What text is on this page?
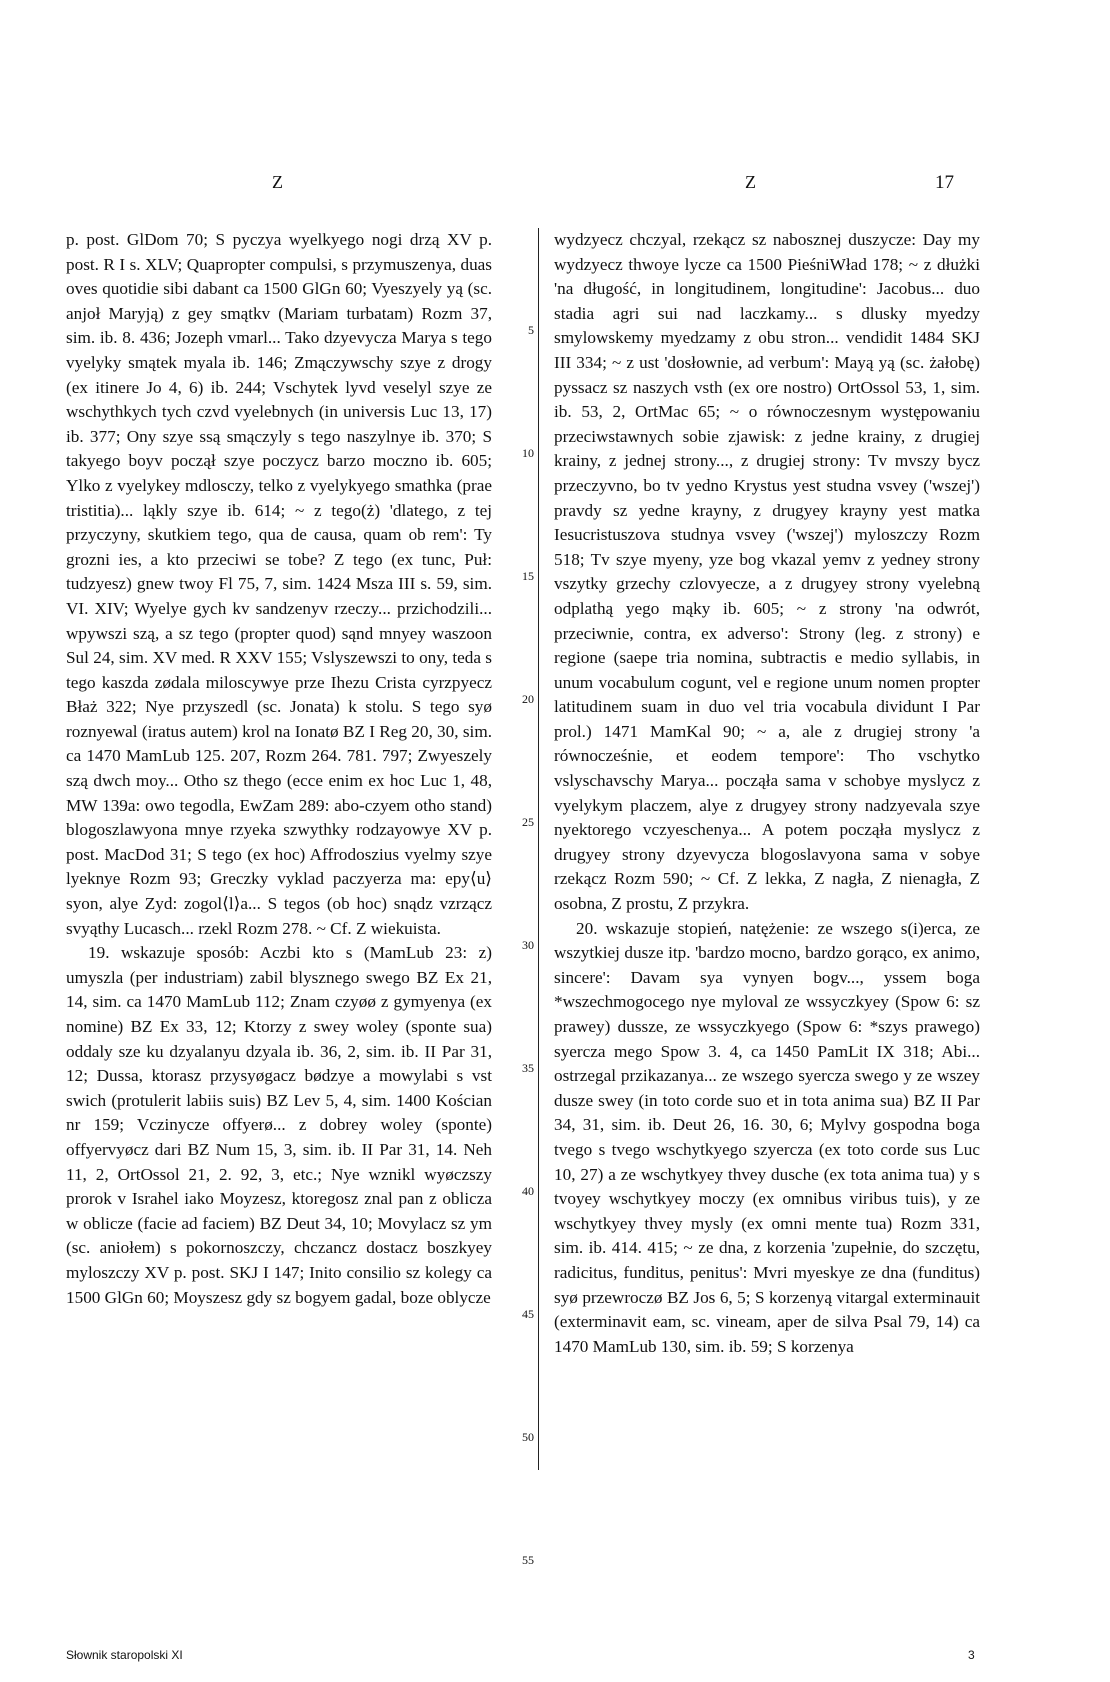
Z	Z	17

p. post. GlDom 70; S pyczya wyelkyego nogi drzą XV p. post. R I s. XLV; Quapropter compulsi, s przymuszenya, duas oves quotidie sibi dabant ca 1500 GlGn 60; Vyeszyely yą (sc. anjoł Maryją) z gey smątkv (Mariam turbatam) Rozm 37, sim. ib. 8. 436; Jozeph vmarl... Tako dzyevycza Marya s tego vyelyky smątek myala ib. 146; Zmączywschy szye z drogy (ex itinere Jo 4, 6) ib. 244; Vschytek lyvd veselyl szye ze wschythkych tych czvd vyelebnych (in universis Luc 13, 17) ib. 377; Ony szye ssą smączyly s tego naszylnye ib. 370; S takyego boyv począł szye poczycz barzo moczno ib. 605; Ylko z vyelykey mdlosczy, telko z vyelykyego smathka (prae tristitia)... ląkly szye ib. 614; ~ z tego(ż) 'dlatego, z tej przyczyny, skutkiem tego, qua de causa, quam ob rem': Ty grozni ies, a kto przeciwi se tobe? Z tego (ex tunc, Puł: tudzyesz) gnew twoy Fl 75, 7, sim. 1424 Msza III s. 59, sim. VI. XIV; Wyelye gych kv sandzenyv rzeczy... przichodzili... wpywszi szą, a sz tego (propter quod) sąnd mnyey waszoon Sul 24, sim. XV med. R XXV 155; Vslyszewszi to ony, teda s tego kaszda zødala miloscywye prze Ihezu Crista cyrzpyecz Błaż 322; Nye przyszedl (sc. Jonata) k stolu. S tego syø roznyewal (iratus autem) krol na Ionatø BZ I Reg 20, 30, sim. ca 1470 MamLub 125. 207, Rozm 264. 781. 797; Zwyeszely szą dwch moy... Otho sz thego (ecce enim ex hoc Luc 1, 48, MW 139a: owo tegodla, EwZam 289: abo-czyem otho stand) blogoszlawyona mnye rzyeka szwythky rodzayowye XV p. post. MacDod 31; S tego (ex hoc) Affrodoszius vyelmy szye lyeknye Rozm 93; Greczky vyklad paczyerza ma: epy⟨u⟩syon, alye Zyd: zogol⟨l⟩a... S tegos (ob hoc) snądz vzrzącz svyąthy Lucasch... rzekl Rozm 278. ~ Cf. Z wiekuista.

19. wskazuje sposób: Aczbi kto s (MamLub 23: z) umyszla (per industriam) zabil blysznego swego BZ Ex 21, 14, sim. ca 1470 MamLub 112; Znam czyøø z gymyenya (ex nomine) BZ Ex 33, 12; Ktorzy z swey woley (sponte sua) oddaly sze ku dzyalanyu dzyala ib. 36, 2, sim. ib. II Par 31, 12; Dussa, ktorasz przysyøgacz bødzye a mowylabi s vst swich (protulerit labiis suis) BZ Lev 5, 4, sim. 1400 Kościan nr 159; Vczinycze offyerø... z dobrey woley (sponte) offyervyøcz dari BZ Num 15, 3, sim. ib. II Par 31, 14. Neh 11, 2, OrtOssol 21, 2. 92, 3, etc.; Nye wznikl wyøczszy prorok v Israhel iako Moyzesz, ktoregosz znal pan z oblicza w oblicze (facie ad faciem) BZ Deut 34, 10; Movylacz sz ym (sc. aniołem) s pokornoszczy, chczancz dostacz boszkyey myloszczy XV p. post. SKJ I 147; Inito consilio sz kolegy ca 1500 GlGn 60; Moyszesz gdy sz bogyem gadal, boze oblycze

5
10
15
20
25
30
35
40
45
50
55

wydzyecz chczyal, rzekącz sz nabosznej duszycze: Day my wydzyecz thwoye lycze ca 1500 PieśniWład 178; ~ z dłużki 'na długość, in longitudinem, longitudine': Jacobus... duo stadia agri sui nad laczkamy... s dlusky myedzy smylowskemy myedzamy z obu stron... vendidit 1484 SKJ III 334; ~ z ust 'dosłownie, ad verbum': Mayą yą (sc. żałobę) pyssacz sz naszych vsth (ex ore nostro) OrtOssol 53, 1, sim. ib. 53, 2, OrtMac 65; ~ o równoczesnym występowaniu przeciwstawnych sobie zjawisk: z jedne krainy, z drugiej krainy, z jednej strony..., z drugiej strony: Tv mvszy bycz przeczyvno, bo tv yedno Krystus yest studna vsvey ('wszej') pravdy sz yedne krayny, z drugyey krayny yest matka Iesucristuszova studnya vsvey ('wszej') myloszczy Rozm 518; Tv szye myeny, yze bog vkazal yemv z yedney strony vszytky grzechy czlovyecze, a z drugyey strony vyelebną odplathą yego mąky ib. 605; ~ z strony 'na odwrót, przeciwnie, contra, ex adverso': Strony (leg. z strony) e regione (saepe tria nomina, subtractis e medio syllabis, in unum vocabulum cogunt, vel e regione unum nomen propter latitudinem suam in duo vel tria vocabula dividunt I Par prol.) 1471 MamKal 90; ~ a, ale z drugiej strony 'a równocześnie, et eodem tempore': Tho vschytko vslyschavschy Marya... począła sama v schobye myslycz z vyelykym placzem, alye z drugyey strony nadzyevala szye nyektorego vczyeschenya... A potem począła myslycz z drugyey strony dzyevycza blogoslavyona sama v sobye rzekącz Rozm 590; ~ Cf. Z lekka, Z nagła, Z nienagła, Z osobna, Z prostu, Z przykra.

20. wskazuje stopień, natężenie: ze wszego s(i)erca, ze wszytkiej dusze itp. 'bardzo mocno, bardzo gorąco, ex animo, sincere': Davam sya vynyen bogv..., yssem boga *wszechmogocego nye myloval ze wssyczkyey (Spow 6: sz prawey) dussze, ze wssyczkyego (Spow 6: *szys prawego) syercza mego Spow 3. 4, ca 1450 PamLit IX 318; Abi... ostrzegal przikazanya... ze wszego syercza swego y ze wszey dusze swey (in toto corde suo et in tota anima sua) BZ II Par 34, 31, sim. ib. Deut 26, 16. 30, 6; Mylvy gospodna boga tvego s tvego wschytkyego szyercza (ex toto corde sus Luc 10, 27) a ze wschytkyey thvey dusche (ex tota anima tua) y s tvoyey wschytkyey moczy (ex omnibus viribus tuis), y ze wschytkyey thvey mysly (ex omni mente tua) Rozm 331, sim. ib. 414. 415; ~ ze dna, z korzenia 'zupełnie, do szczętu, radicitus, funditus, penitus': Mvri myeskye ze dna (funditus) syø przewroczø BZ Jos 6, 5; S korzenyą vitargal exterminauit (exterminavit eam, sc. vineam, aper de silva Psal 79, 14) ca 1470 MamLub 130, sim. ib. 59; S korzenya

Słownik staropolski XI	3
